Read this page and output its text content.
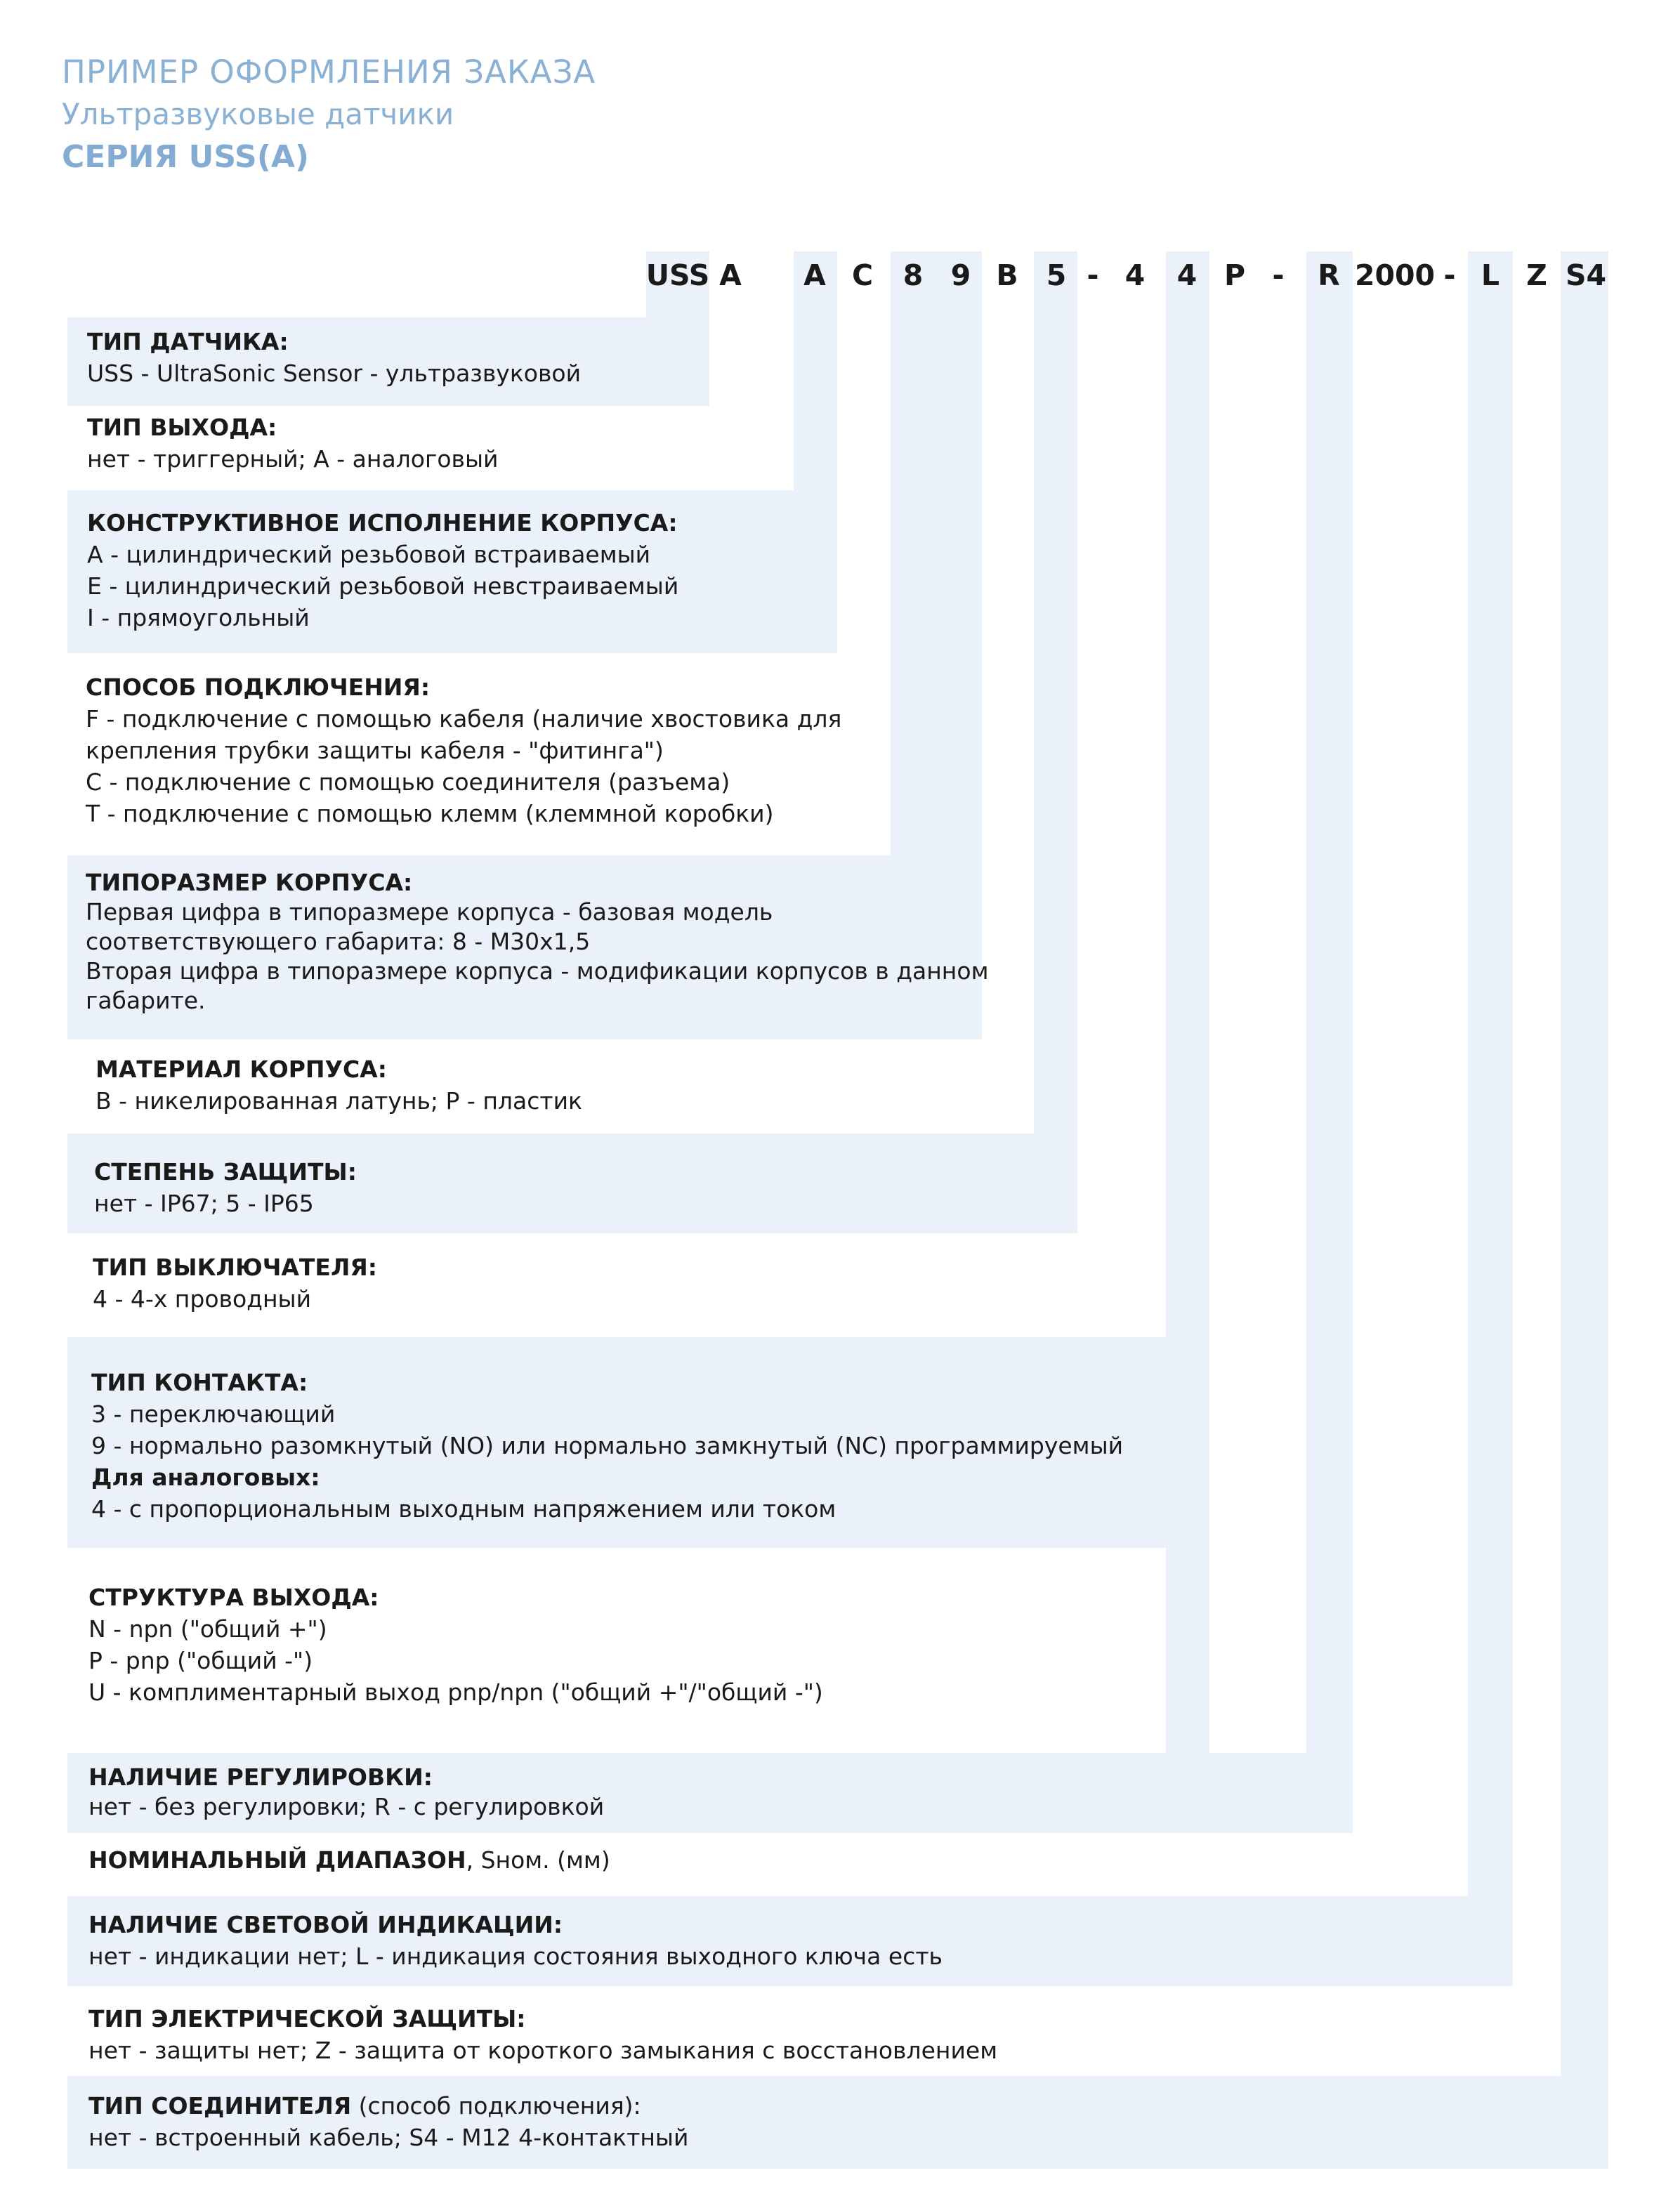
ПРИМЕР ОФОРМЛЕНИЯ ЗАКАЗА
Ультразвуковые датчики
СЕРИЯ USS(A)
USS A A C 8 9 B 5 - 4 4 P - R 2000 - L Z S4
ТИП ДАТЧИКА:
USS - UltraSonic Sensor - ультразвуковой
ТИП ВЫХОДА:
нет - триггерный; А - аналоговый
КОНСТРУКТИВНОЕ ИСПОЛНЕНИЕ КОРПУСА:
А - цилиндрический резьбовой встраиваемый
Е - цилиндрический резьбовой невстраиваемый
I - прямоугольный
СПОСОБ ПОДКЛЮЧЕНИЯ:
F - подключение с помощью кабеля (наличие хвостовика для
крепления трубки защиты кабеля - "фитинга")
С - подключение с помощью соединителя (разъема)
Т - подключение с помощью клемм (клеммной коробки)
ТИПОРАЗМЕР КОРПУСА:
Первая цифра в типоразмере корпуса - базовая модель
соответствующего габарита: 8 - М30х1,5
Вторая цифра в типоразмере корпуса - модификации корпусов в данном
габарите.
МАТЕРИАЛ КОРПУСА:
В - никелированная латунь; Р - пластик
СТЕПЕНЬ ЗАЩИТЫ:
нет - IP67; 5 - IP65
ТИП ВЫКЛЮЧАТЕЛЯ:
4 - 4-х проводный
ТИП КОНТАКТА:
3 - переключающий
9 - нормально разомкнутый (NO) или нормально замкнутый (NC) программируемый
Для аналоговых:
4 - с пропорциональным выходным напряжением или током
СТРУКТУРА ВЫХОДА:
N - npn ("общий +")
P - pnp ("общий -")
U - комплиментарный выход pnp/npn ("общий +"/"общий -")
НАЛИЧИЕ РЕГУЛИРОВКИ:
нет - без регулировки; R - с регулировкой
НОМИНАЛЬНЫЙ ДИАПАЗОН, Sном. (мм)
НАЛИЧИЕ СВЕТОВОЙ ИНДИКАЦИИ:
нет - индикации нет; L - индикация состояния выходного ключа есть
ТИП ЭЛЕКТРИЧЕСКОЙ ЗАЩИТЫ:
нет - защиты нет; Z - защита от короткого замыкания с восстановлением
ТИП СОЕДИНИТЕЛЯ (способ подключения):
нет - встроенный кабель; S4 - М12 4-контактный
